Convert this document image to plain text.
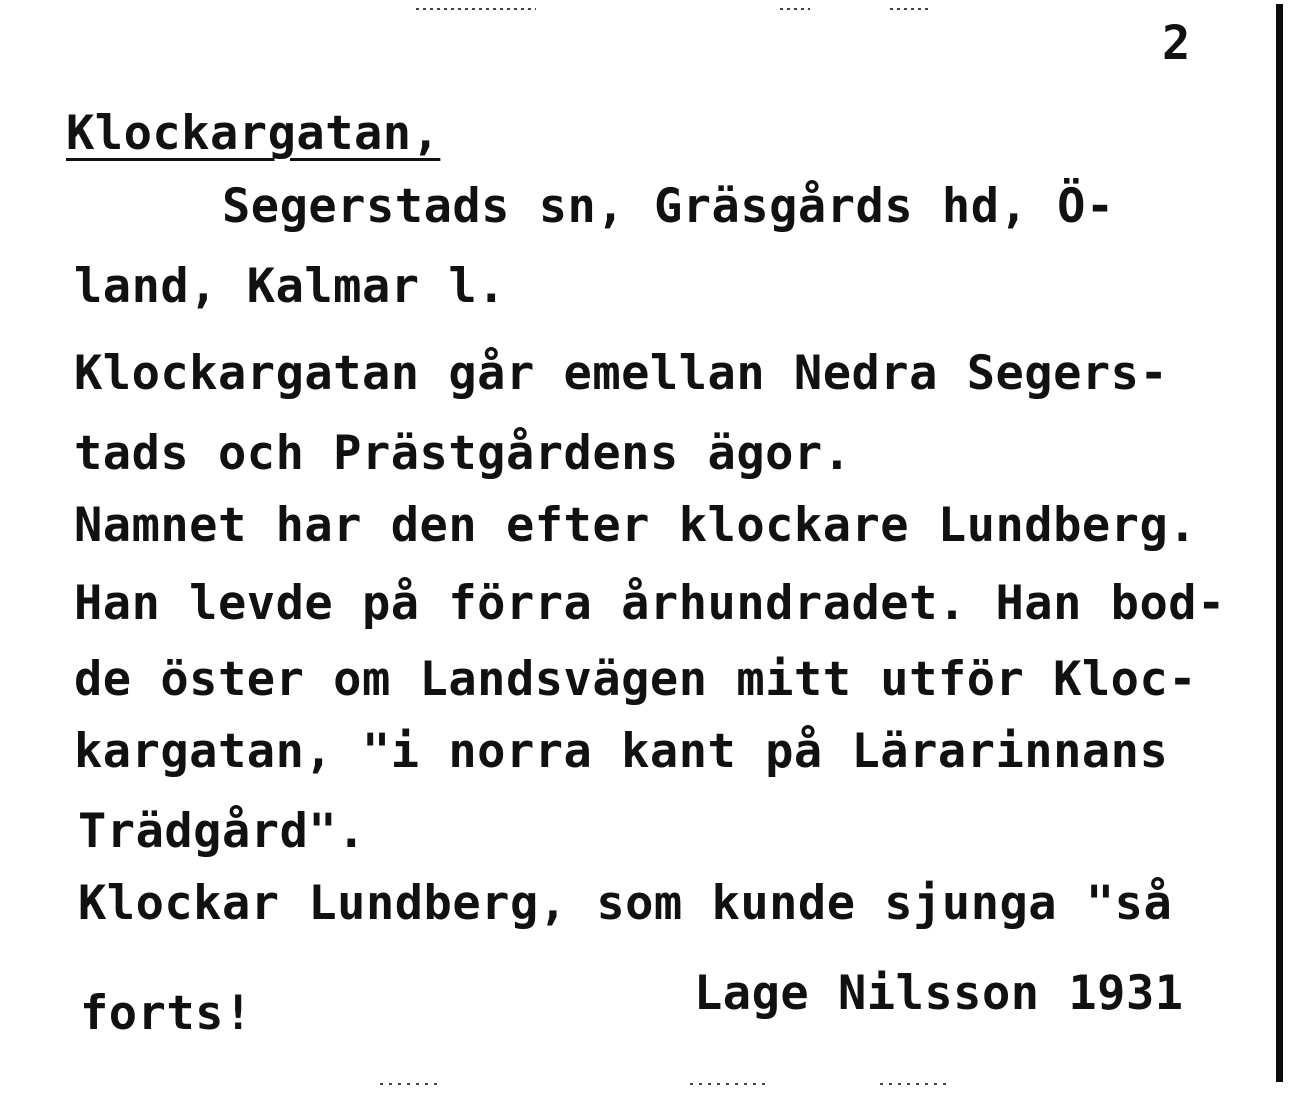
2
Klockargatan,
Segerstads sn, Gräsgårds hd, Ö-
land, Kalmar l.
Klockargatan går emellan Nedra Segers-
tads och Prästgårdens ägor.
Namnet har den efter klockare Lundberg.
Han levde på förra århundradet. Han bod-
de öster om Landsvägen mitt utför Kloc-
kargatan, "i norra kant på Lärarinnans
Trädgård".
Klockar Lundberg, som kunde sjunga "så
forts!	Lage Nilsson 1931
